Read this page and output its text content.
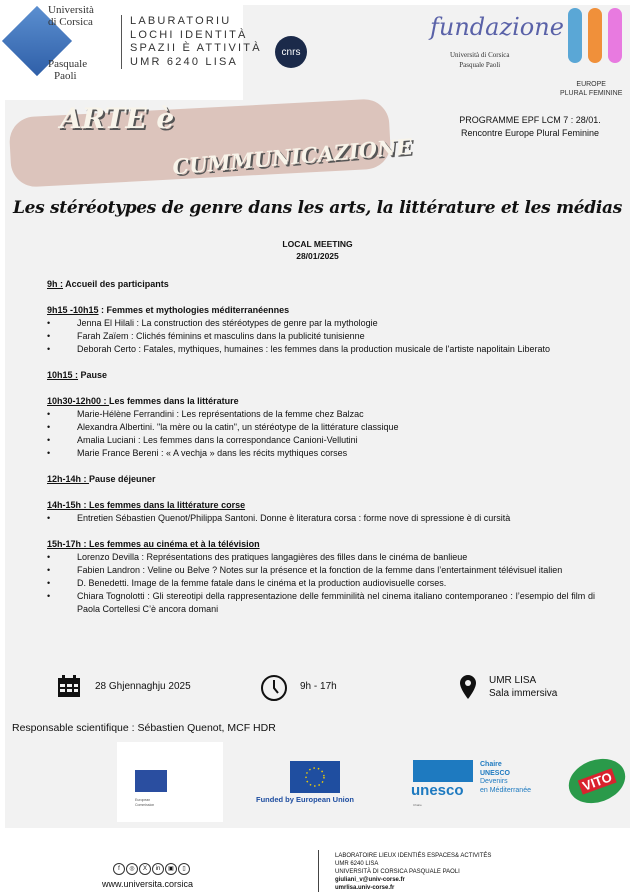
Università
di Corsica
Pasquale
Paoli
LABURATORIU
LOCHI IDENTITÀ
SPAZII È ATTIVITÀ
UMR 6240 LISA
cnrs
fundazione
Università di Corsica
Pasquale Paoli
EUROPE
PLURAL FEMININE
ARTE è
CUMMUNICAZIONE
PROGRAMME EPF LCM 7 : 28/01.
Rencontre Europe Plural Feminine
Les stéréotypes de genre dans les arts, la littérature et les médias
LOCAL MEETING
28/01/2025
9h : Accueil des participants
9h15 -10h15 : Femmes et mythologies méditerranéennes
• Jenna El Hilali : La construction des stéréotypes de genre par la mythologie
• Farah Zaïem : Clichés féminins et masculins dans la publicité tunisienne
• Deborah Certo : Fatales, mythiques, humaines : les femmes dans la production musicale de l'artiste napolitain Liberato
10h15 : Pause
10h30-12h00 : Les femmes dans la littérature
• Marie-Hélène Ferrandini : Les représentations de la femme chez Balzac
• Alexandra Albertini. "la mère ou la catin", un stéréotype de la littérature classique
• Amalia Luciani : Les femmes dans la correspondance Canioni-Vellutini
• Marie France Bereni : « A vechja » dans les récits mythiques corses
12h-14h : Pause déjeuner
14h-15h : Les femmes dans la littérature corse
• Entretien Sébastien Quenot/Philippa Santoni. Donne è literatura corsa : forme nove di spressione è di cursità
15h-17h : Les femmes au cinéma et à la télévision
• Lorenzo Devilla : Représentations des pratiques langagières des filles dans le cinéma de banlieue
• Fabien Landron : Veline ou Belve ? Notes sur la présence et la fonction de la femme dans l’entertainment télévisuel italien
• D. Benedetti. Image de la femme fatale dans le cinéma et la production audiovisuelle corses.
• Chiara Tognolotti : Gli stereotipi della rappresentazione delle femminilità nel cinema italiano contemporaneo : l’esempio del film di Paola Cortellesi C’è ancora domani
28 Ghjennaghju 2025	9h - 17h
UMR LISA
Sala immersiva
Responsable scientifique : Sébastien Quenot, MCF HDR
European
Commission
Funded by European Union
unesco
Chaire
Chaire
UNESCO
Devenirs
en Méditerranée	VITO
f	◎	X	in	▣	▯
www.universita.corsica
LABORATOIRE LIEUX IDENTIÉS ESPACES& ACTIVITÉS
UMR 6240 LISA
UNIVERSITÀ DI CORSICA PASQUALE PAOLI
giuliani_v@univ-corse.fr
umrlisa.univ-corse.fr
